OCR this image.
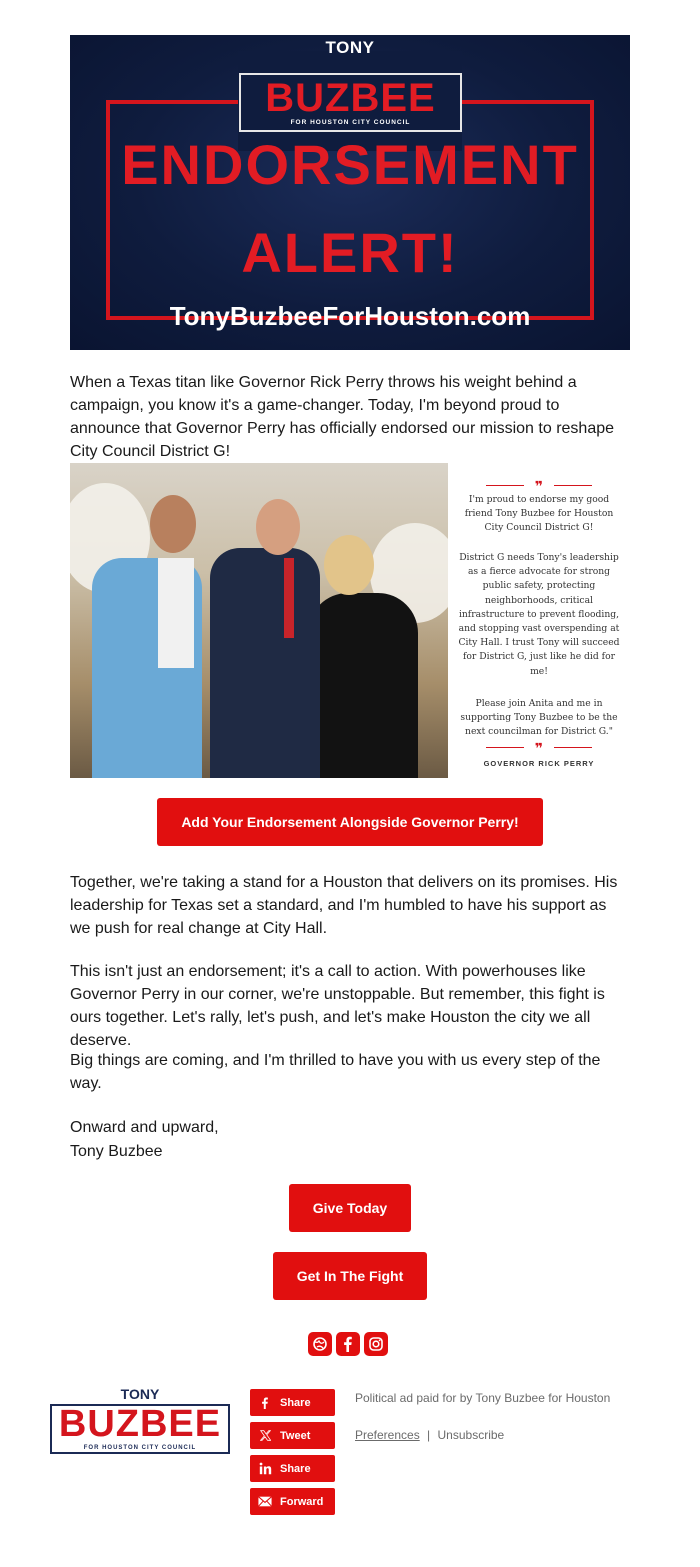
TONY
BUZBEE
FOR HOUSTON CITY COUNCIL
ENDORSEMENT
ALERT!
TonyBuzbeeForHouston.com

When a Texas titan like Governor Rick Perry throws his weight behind a campaign, you know it's a game-changer. Today, I'm beyond proud to announce that Governor Perry has officially endorsed our mission to reshape City Council District G!

❞
I'm proud to endorse my good friend Tony Buzbee for Houston City Council District G!
District G needs Tony's leadership as a fierce advocate for strong public safety, protecting neighborhoods, critical infrastructure to prevent flooding, and stopping vast overspending at City Hall. I trust Tony will succeed for District G, just like he did for me!
Please join Anita and me in supporting Tony Buzbee to be the next councilman for District G."
❞
GOVERNOR RICK PERRY
Add Your Endorsement Alongside Governor Perry!

Together, we're taking a stand for a Houston that delivers on its promises. His leadership for Texas set a standard, and I'm humbled to have his support as we push for real change at City Hall.

This isn't just an endorsement; it's a call to action. With powerhouses like Governor Perry in our corner, we're unstoppable. But remember, this fight is ours together. Let's rally, let's push, and let's make Houston the city we all deserve.

Big things are coming, and I'm thrilled to have you with us every step of the way.

Onward and upward,

Tony Buzbee

Give Today
Get In The Fight
TONY
BUZBEE
FOR HOUSTON CITY COUNCIL
Share
Tweet
Share
Forward
Political ad paid for by Tony Buzbee for Houston
Preferences | Unsubscribe
